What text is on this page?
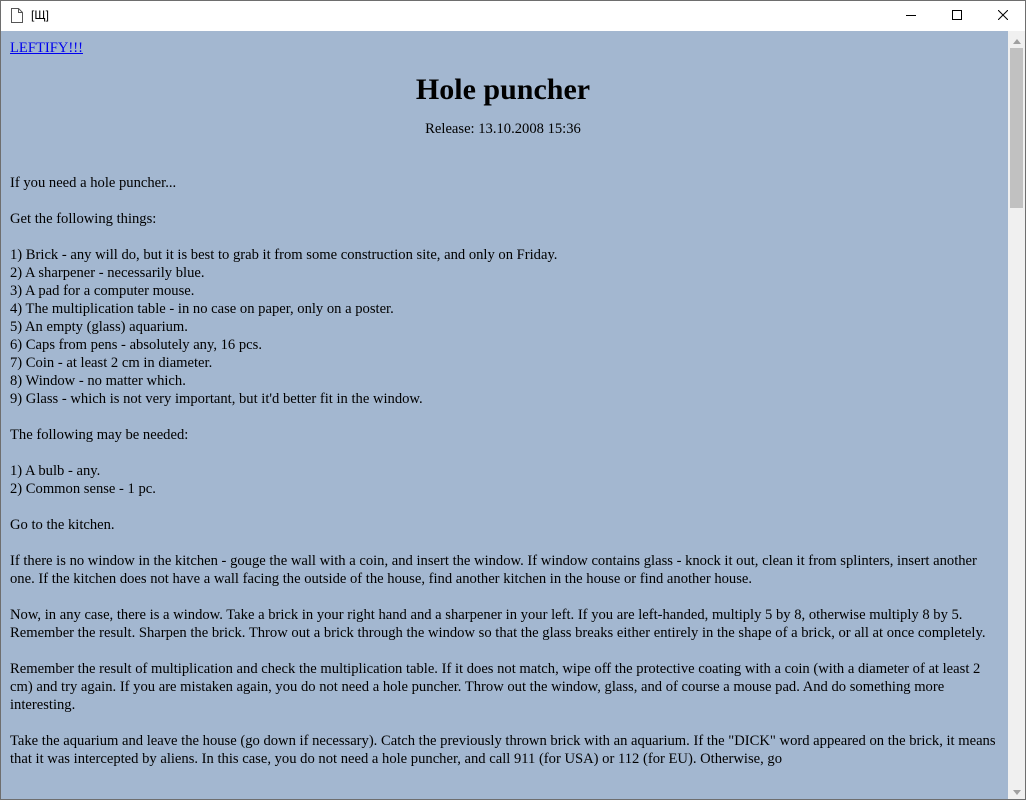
[Щ]
LEFTIFY!!!
Hole puncher
Release: 13.10.2008 15:36

If you need a hole puncher...

Get the following things:

1) Brick - any will do, but it is best to grab it from some construction site, and only on Friday.

2) A sharpener - necessarily blue.

3) A pad for a computer mouse.

4) The multiplication table - in no case on paper, only on a poster.

5) An empty (glass) aquarium.

6) Caps from pens - absolutely any, 16 pcs.

7) Coin - at least 2 cm in diameter.

8) Window - no matter which.

9) Glass - which is not very important, but it'd better fit in the window.

The following may be needed:

1) A bulb - any.

2) Common sense - 1 pc.

Go to the kitchen.

If there is no window in the kitchen - gouge the wall with a coin, and insert the window. If window contains glass - knock it out, clean it from splinters, insert another one. If the kitchen does not have a wall facing the outside of the house, find another kitchen in the house or find another house.

Now, in any case, there is a window. Take a brick in your right hand and a sharpener in your left. If you are left-handed, multiply 5 by 8, otherwise multiply 8 by 5. Remember the result. Sharpen the brick. Throw out a brick through the window so that the glass breaks either entirely in the shape of a brick, or all at once completely.

Remember the result of multiplication and check the multiplication table. If it does not match, wipe off the protective coating with a coin (with a diameter of at least 2 cm) and try again. If you are mistaken again, you do not need a hole puncher. Throw out the window, glass, and of course a mouse pad. And do something more interesting.

Take the aquarium and leave the house (go down if necessary). Catch the previously thrown brick with an aquarium. If the "DICK" word appeared on the brick, it means that it was intercepted by aliens. In this case, you do not need a hole puncher, and call 911 (for USA) or 112 (for EU). Otherwise, go
